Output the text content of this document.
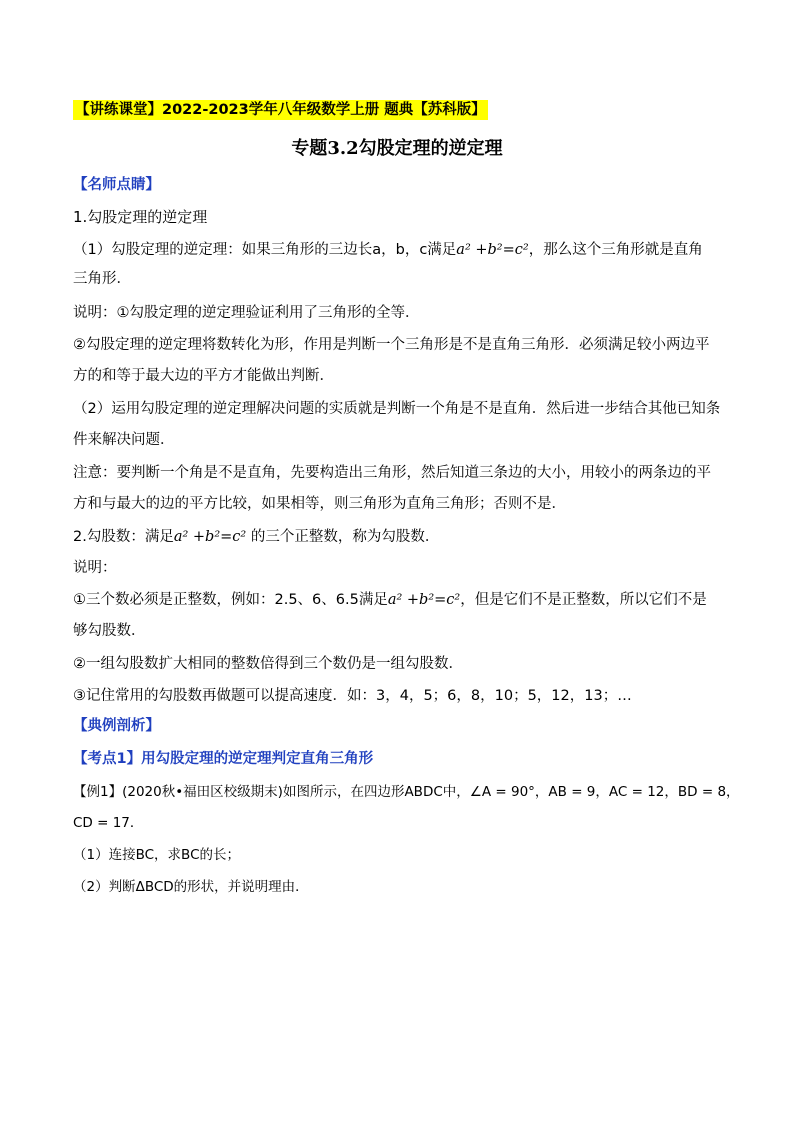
【讲练课堂】2022-2023学年八年级数学上册 题典【苏科版】
专题3.2勾股定理的逆定理
【名师点睛】
1.勾股定理的逆定理
（1）勾股定理的逆定理：如果三角形的三边长a，b，c满足a² +b²=c²，那么这个三角形就是直角
三角形．
说明：①勾股定理的逆定理验证利用了三角形的全等．
②勾股定理的逆定理将数转化为形，作用是判断一个三角形是不是直角三角形．必须满足较小两边平
方的和等于最大边的平方才能做出判断．
（2）运用勾股定理的逆定理解决问题的实质就是判断一个角是不是直角．然后进一步结合其他已知条
件来解决问题．
注意：要判断一个角是不是直角，先要构造出三角形，然后知道三条边的大小，用较小的两条边的平
方和与最大的边的平方比较，如果相等，则三角形为直角三角形；否则不是．
2.勾股数：满足a² +b²=c² 的三个正整数，称为勾股数．
说明：
①三个数必须是正整数，例如：2.5、6、6.5满足a² +b²=c²，但是它们不是正整数，所以它们不是
够勾股数．
②一组勾股数扩大相同的整数倍得到三个数仍是一组勾股数．
③记住常用的勾股数再做题可以提高速度．如：3，4，5；6，8，10；5，12，13；…
【典例剖析】
【考点1】用勾股定理的逆定理判定直角三角形
【例1】(2020秋•福田区校级期末)如图所示，在四边形ABDC中，∠A = 90°，AB = 9，AC = 12，BD = 8，
CD = 17．
（1）连接BC，求BC的长；
（2）判断ΔBCD的形状，并说明理由．
